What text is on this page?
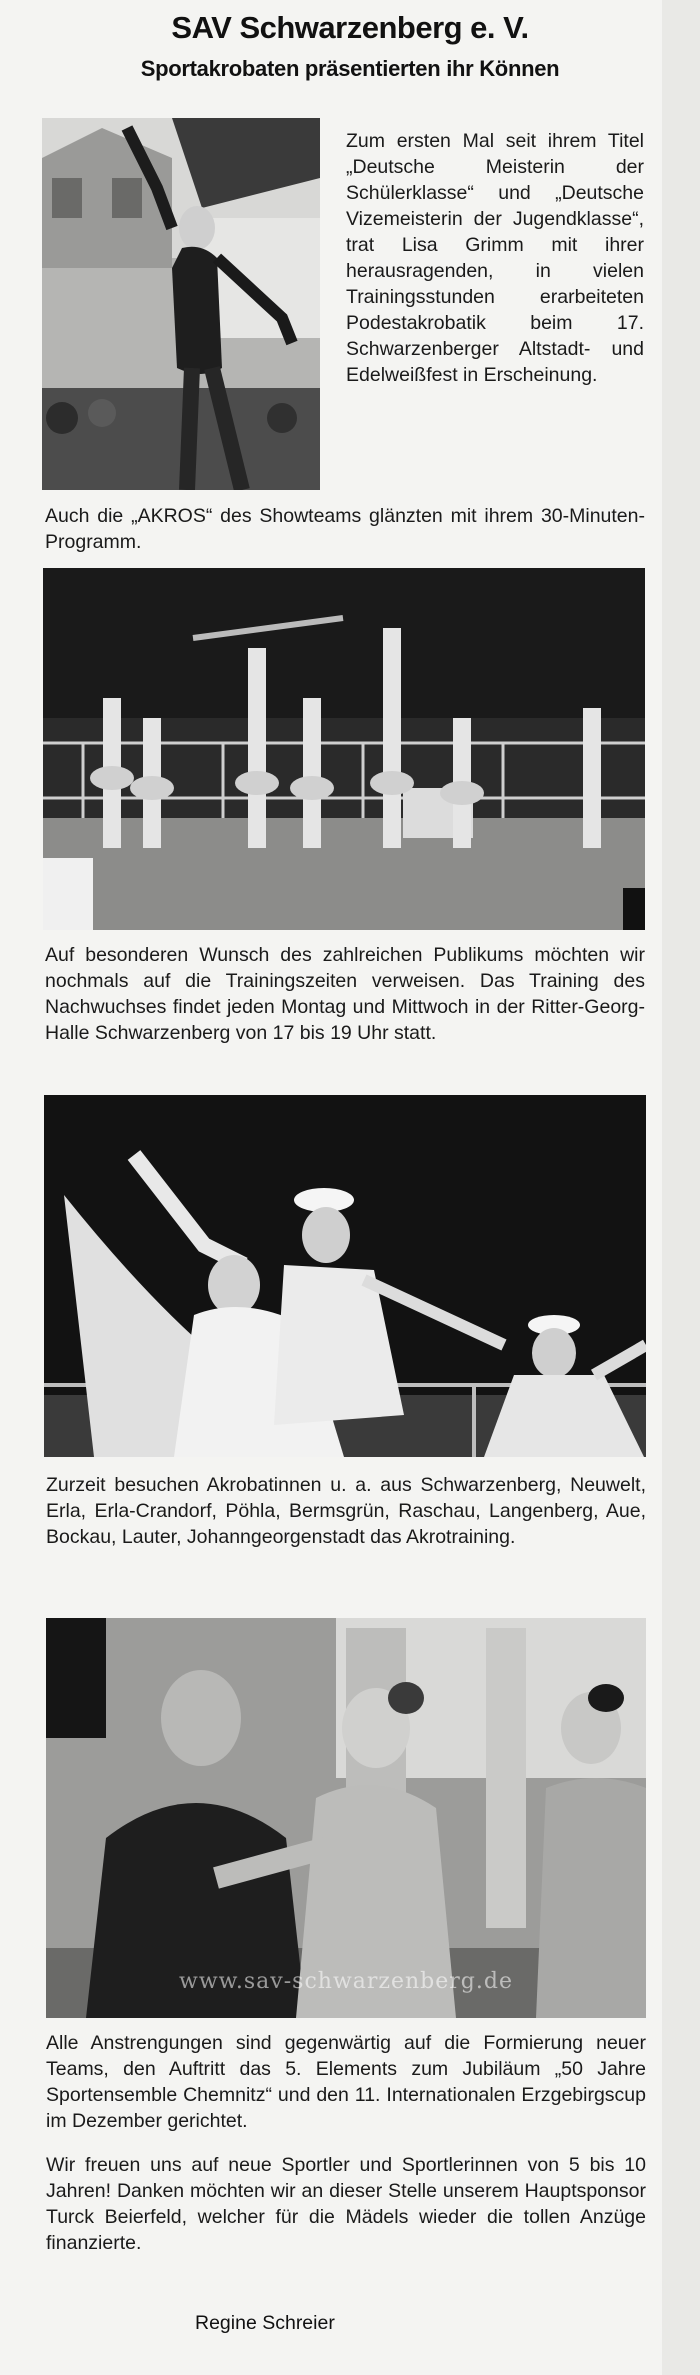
SAV Schwarzenberg e. V.
Sportakrobaten präsentierten ihr Können
Zum ersten Mal seit ihrem Titel „Deutsche Meisterin der Schülerklasse“ und „Deutsche Vizemeisterin der Jugendklasse“, trat Lisa Grimm mit ihrer herausragenden, in vielen Trainingsstunden erarbeiteten Podestakrobatik beim 17. Schwarzenberger Altstadt- und Edelweißfest in Erscheinung.
Auch die „AKROS“ des Showteams glänzten mit ihrem 30-Minuten-Programm.
Auf besonderen Wunsch des zahlreichen Publikums möchten wir nochmals auf die Trainingszeiten verweisen. Das Training des Nachwuchses findet jeden Montag und Mittwoch in der Ritter-Georg-Halle Schwarzenberg von 17 bis 19 Uhr statt.
Zurzeit besuchen Akrobatinnen u. a. aus Schwarzenberg, Neuwelt, Erla, Erla-Crandorf, Pöhla, Bermsgrün, Raschau, Langenberg, Aue, Bockau, Lauter, Johanngeorgenstadt das Akrotraining.
www.sav-schwarzenberg.de
Alle Anstrengungen sind gegenwärtig auf die Formierung neuer Teams, den Auftritt das 5. Elements zum Jubiläum „50 Jahre Sportensemble Chemnitz“ und den 11. Internationalen Erzgebirgscup im Dezember gerichtet.
Wir freuen uns auf neue Sportler und Sportlerinnen von 5 bis 10 Jahren! Danken möchten wir an dieser Stelle unserem Hauptsponsor Turck Beierfeld, welcher für die Mädels wieder die tollen Anzüge finanzierte.
Regine Schreier
